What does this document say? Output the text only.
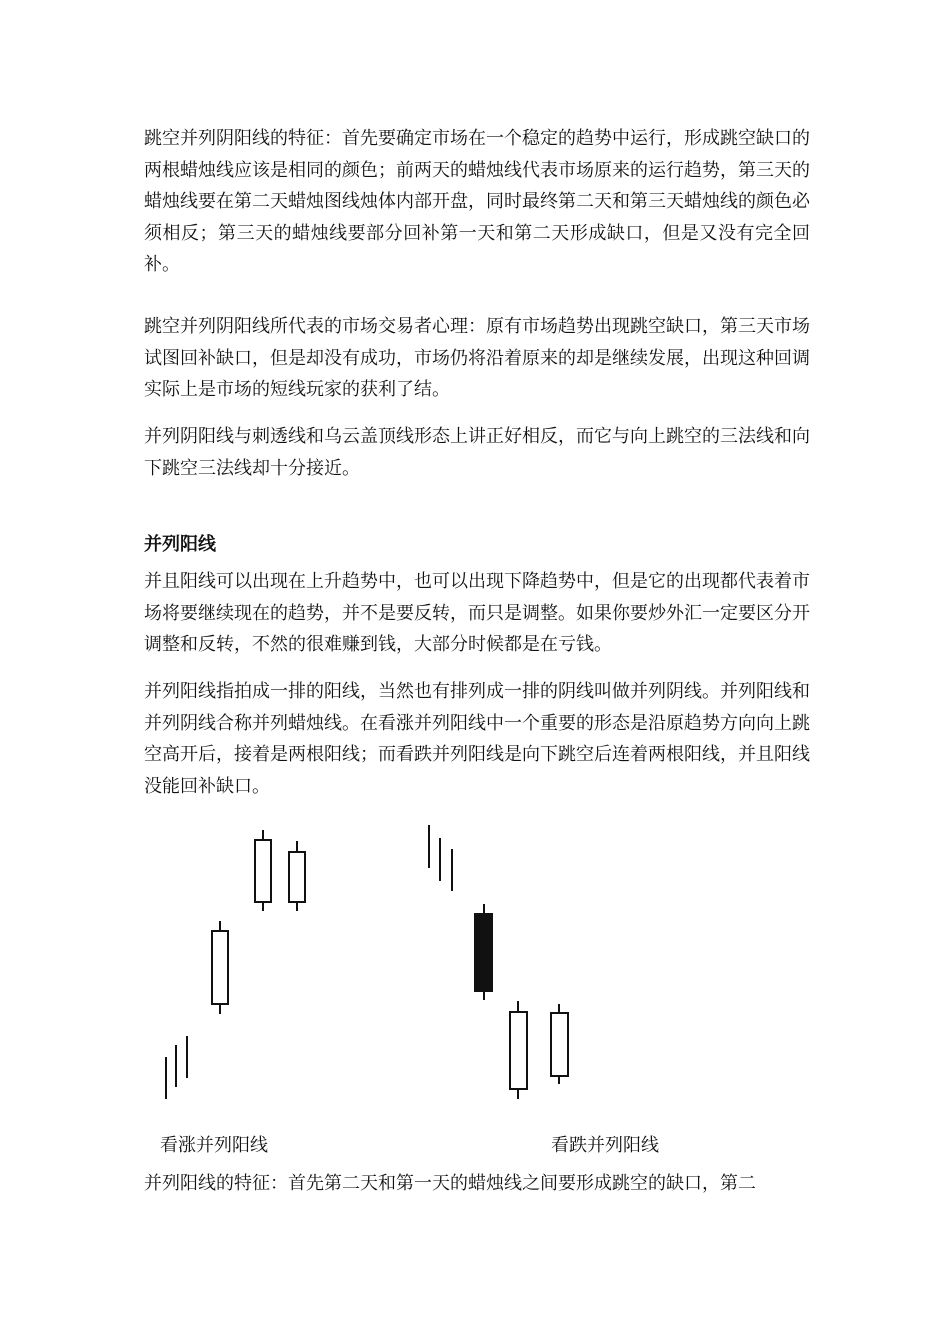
跳空并列阴阳线的特征：首先要确定市场在一个稳定的趋势中运行，形成跳空缺口的两根蜡烛线应该是相同的颜色；前两天的蜡烛线代表市场原来的运行趋势，第三天的蜡烛线要在第二天蜡烛图线烛体内部开盘，同时最终第二天和第三天蜡烛线的颜色必须相反；第三天的蜡烛线要部分回补第一天和第二天形成缺口，但是又没有完全回补。

跳空并列阴阳线所代表的市场交易者心理：原有市场趋势出现跳空缺口，第三天市场试图回补缺口，但是却没有成功，市场仍将沿着原来的却是继续发展，出现这种回调实际上是市场的短线玩家的获利了结。

并列阴阳线与刺透线和乌云盖顶线形态上讲正好相反，而它与向上跳空的三法线和向下跳空三法线却十分接近。

并列阳线

并且阳线可以出现在上升趋势中，也可以出现下降趋势中，但是它的出现都代表着市场将要继续现在的趋势，并不是要反转，而只是调整。如果你要炒外汇一定要区分开调整和反转，不然的很难赚到钱，大部分时候都是在亏钱。

并列阳线指拍成一排的阳线，当然也有排列成一排的阴线叫做并列阴线。并列阳线和并列阴线合称并列蜡烛线。在看涨并列阳线中一个重要的形态是沿原趋势方向向上跳空高开后，接着是两根阳线；而看跌并列阳线是向下跳空后连着两根阳线，并且阳线没能回补缺口。

看涨并列阳线	看跌并列阳线

并列阳线的特征：首先第二天和第一天的蜡烛线之间要形成跳空的缺口，第二
